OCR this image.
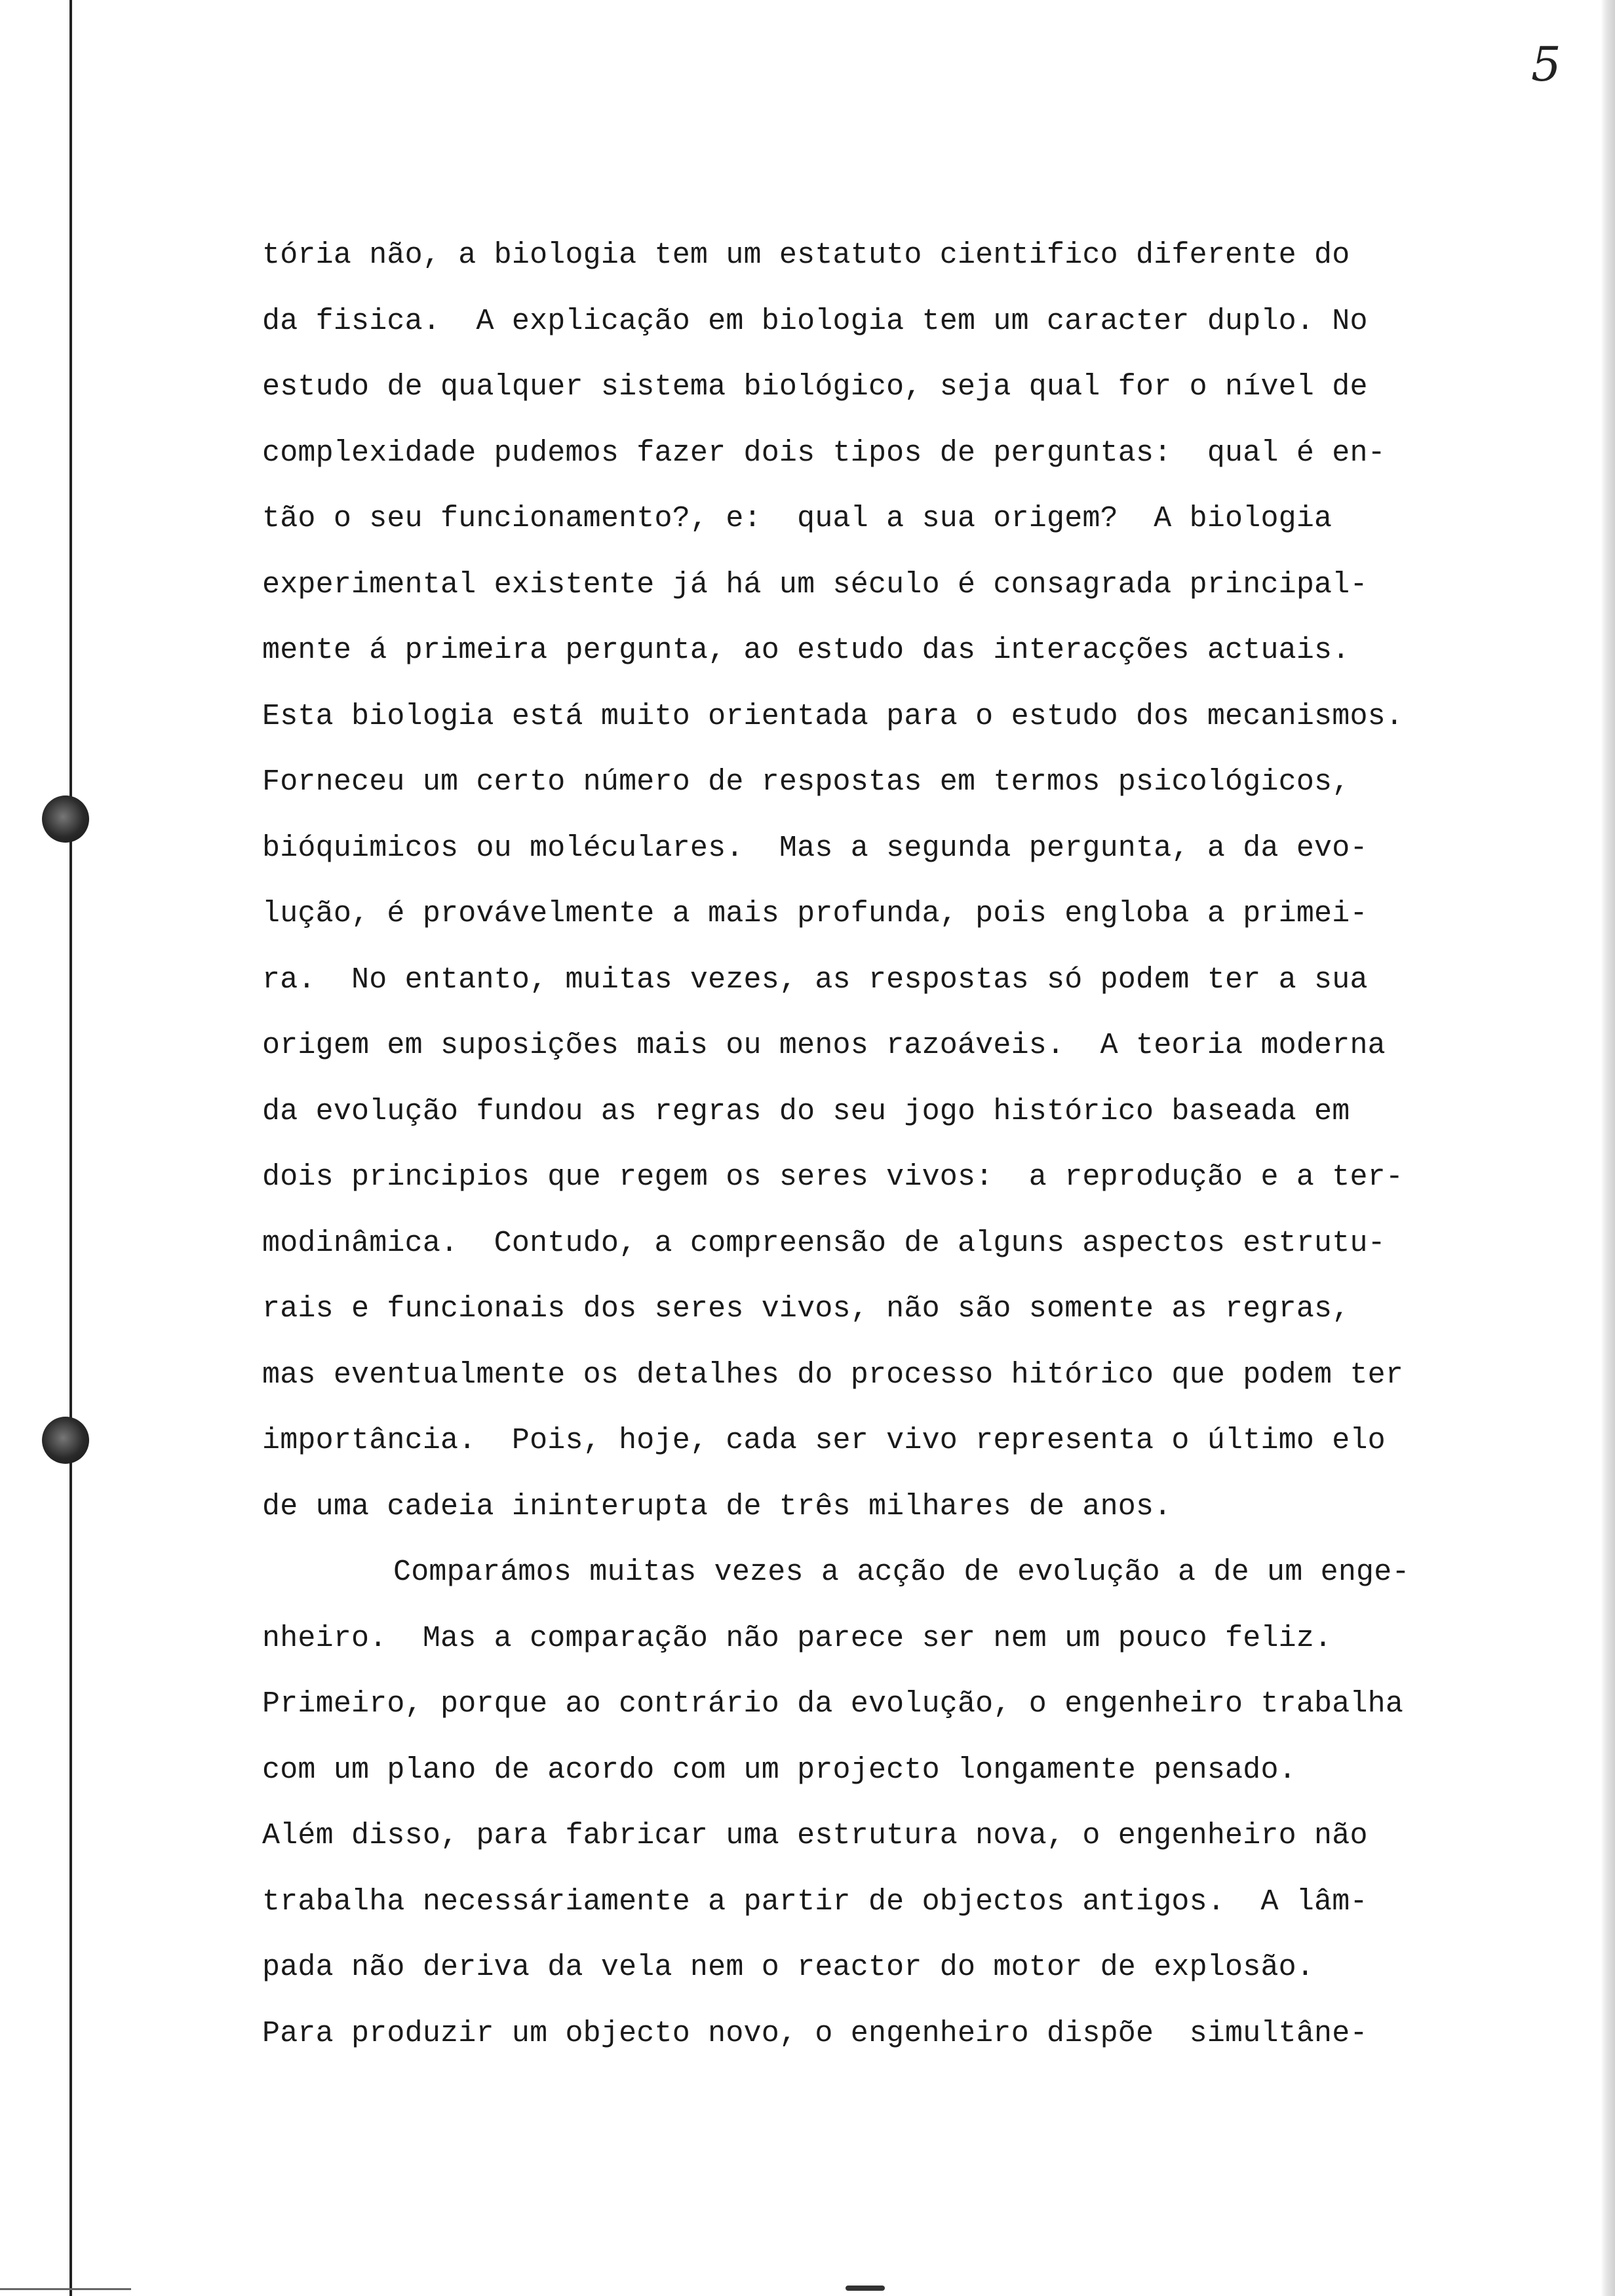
5
tória não, a biologia tem um estatuto cientifico diferente do
da fisica.  A explicação em biologia tem um caracter duplo. No
estudo de qualquer sistema biológico, seja qual for o nível de
complexidade pudemos fazer dois tipos de perguntas:  qual é en-
tão o seu funcionamento?, e:  qual a sua origem?  A biologia
experimental existente já há um século é consagrada principal-
mente á primeira pergunta, ao estudo das interacções actuais.
Esta biologia está muito orientada para o estudo dos mecanismos.
Forneceu um certo número de respostas em termos psicológicos,
bióquimicos ou moléculares.  Mas a segunda pergunta, a da evo-
lução, é provávelmente a mais profunda, pois engloba a primei-
ra.  No entanto, muitas vezes, as respostas só podem ter a sua
origem em suposições mais ou menos razoáveis.  A teoria moderna
da evolução fundou as regras do seu jogo histórico baseada em
dois principios que regem os seres vivos:  a reprodução e a ter-
modinâmica.  Contudo, a compreensão de alguns aspectos estrutu-
rais e funcionais dos seres vivos, não são somente as regras,
mas eventualmente os detalhes do processo hitórico que podem ter
importância.  Pois, hoje, cada ser vivo representa o último elo
de uma cadeia ininterupta de três milhares de anos.
Comparámos muitas vezes a acção de evolução a de um enge-
nheiro.  Mas a comparação não parece ser nem um pouco feliz.
Primeiro, porque ao contrário da evolução, o engenheiro trabalha
com um plano de acordo com um projecto longamente pensado.
Além disso, para fabricar uma estrutura nova, o engenheiro não
trabalha necessáriamente a partir de objectos antigos.  A lâm-
pada não deriva da vela nem o reactor do motor de explosão.
Para produzir um objecto novo, o engenheiro dispõe  simultâne-
